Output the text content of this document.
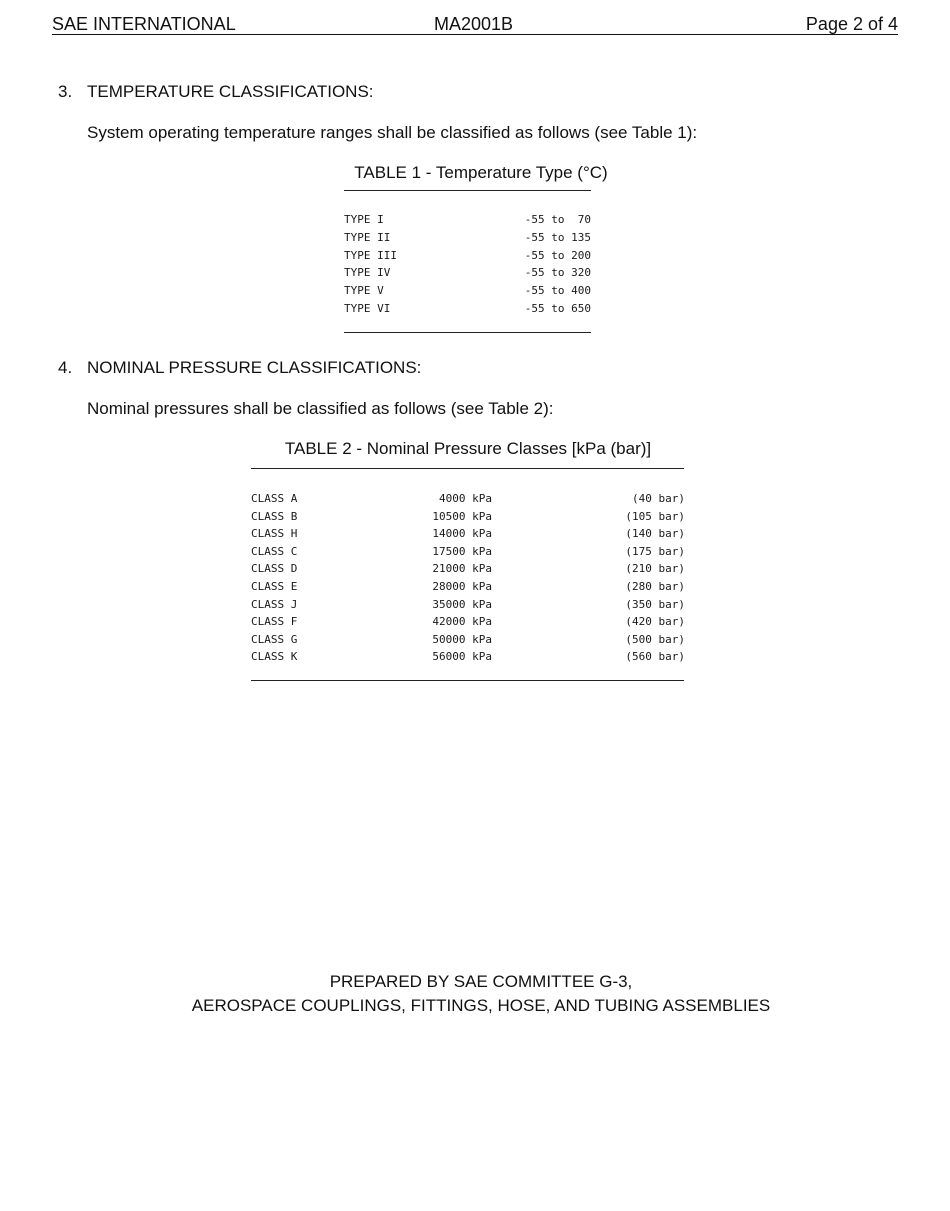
SAE INTERNATIONAL	MA2001B	Page 2 of 4
3. TEMPERATURE CLASSIFICATIONS:
System operating temperature ranges shall be classified as follows (see Table 1):
TABLE 1 - Temperature Type (°C)
TYPE I	-55 to  70
TYPE II	-55 to 135
TYPE III	-55 to 200
TYPE IV	-55 to 320
TYPE V	-55 to 400
TYPE VI	-55 to 650
4. NOMINAL PRESSURE CLASSIFICATIONS:
Nominal pressures shall be classified as follows (see Table 2):
TABLE 2 - Nominal Pressure Classes [kPa (bar)]
CLASS A	4000 kPa	(40 bar)
CLASS B	10500 kPa	(105 bar)
CLASS H	14000 kPa	(140 bar)
CLASS C	17500 kPa	(175 bar)
CLASS D	21000 kPa	(210 bar)
CLASS E	28000 kPa	(280 bar)
CLASS J	35000 kPa	(350 bar)
CLASS F	42000 kPa	(420 bar)
CLASS G	50000 kPa	(500 bar)
CLASS K	56000 kPa	(560 bar)
PREPARED BY SAE COMMITTEE G-3,
AEROSPACE COUPLINGS, FITTINGS, HOSE, AND TUBING ASSEMBLIES
